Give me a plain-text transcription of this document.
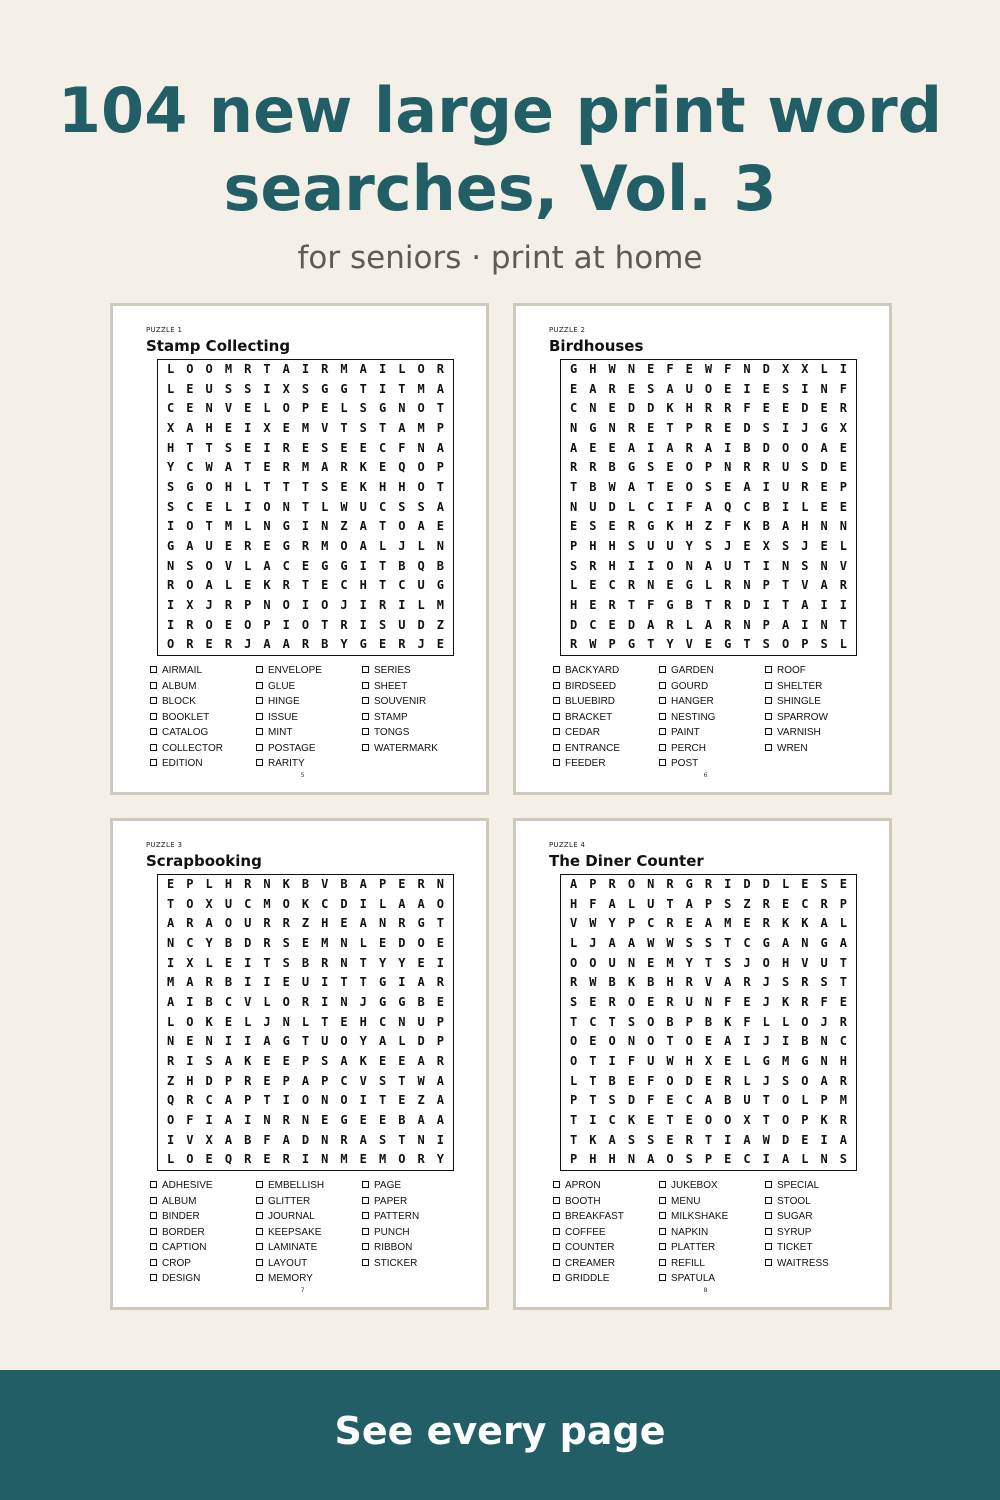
104 new large print word
searches, Vol. 3
for seniors · print at home
PUZZLE 1
Stamp Collecting
L	O	O	M	R	T	A	I	R	M	A	I	L	O	R
L	E	U	S	S	I	X	S	G	G	T	I	T	M	A
C	E	N	V	E	L	O	P	E	L	S	G	N	O	T
X	A	H	E	I	X	E	M	V	T	S	T	A	M	P
H	T	T	S	E	I	R	E	S	E	E	C	F	N	A
Y	C	W	A	T	E	R	M	A	R	K	E	Q	O	P
S	G	O	H	L	T	T	T	S	E	K	H	H	O	T
S	C	E	L	I	O	N	T	L	W	U	C	S	S	A
I	O	T	M	L	N	G	I	N	Z	A	T	O	A	E
G	A	U	E	R	E	G	R	M	O	A	L	J	L	N
N	S	O	V	L	A	C	E	G	G	I	T	B	Q	B
R	O	A	L	E	K	R	T	E	C	H	T	C	U	G
I	X	J	R	P	N	O	I	O	J	I	R	I	L	M
I	R	O	E	O	P	I	O	T	R	I	S	U	D	Z
O	R	E	R	J	A	A	R	B	Y	G	E	R	J	E
AIRMAIL
ALBUM
BLOCK
BOOKLET
CATALOG
COLLECTOR
EDITION
ENVELOPE
GLUE
HINGE
ISSUE
MINT
POSTAGE
RARITY
SERIES
SHEET
SOUVENIR
STAMP
TONGS
WATERMARK
5
PUZZLE 2
Birdhouses
G	H	W	N	E	F	E	W	F	N	D	X	X	L	I
E	A	R	E	S	A	U	O	E	I	E	S	I	N	F
C	N	E	D	D	K	H	R	R	F	E	E	D	E	R
N	G	N	R	E	T	P	R	E	D	S	I	J	G	X
A	E	E	A	I	A	R	A	I	B	D	O	O	A	E
R	R	B	G	S	E	O	P	N	R	R	U	S	D	E
T	B	W	A	T	E	O	S	E	A	I	U	R	E	P
N	U	D	L	C	I	F	A	Q	C	B	I	L	E	E
E	S	E	R	G	K	H	Z	F	K	B	A	H	N	N
P	H	H	S	U	U	Y	S	J	E	X	S	J	E	L
S	R	H	I	I	O	N	A	U	T	I	N	S	N	V
L	E	C	R	N	E	G	L	R	N	P	T	V	A	R
H	E	R	T	F	G	B	T	R	D	I	T	A	I	I
D	C	E	D	A	R	L	A	R	N	P	A	I	N	T
R	W	P	G	T	Y	V	E	G	T	S	O	P	S	L
BACKYARD
BIRDSEED
BLUEBIRD
BRACKET
CEDAR
ENTRANCE
FEEDER
GARDEN
GOURD
HANGER
NESTING
PAINT
PERCH
POST
ROOF
SHELTER
SHINGLE
SPARROW
VARNISH
WREN
6
PUZZLE 3
Scrapbooking
E	P	L	H	R	N	K	B	V	B	A	P	E	R	N
T	O	X	U	C	M	O	K	C	D	I	L	A	A	O
A	R	A	O	U	R	R	Z	H	E	A	N	R	G	T
N	C	Y	B	D	R	S	E	M	N	L	E	D	O	E
I	X	L	E	I	T	S	B	R	N	T	Y	Y	E	I
M	A	R	B	I	I	E	U	I	T	T	G	I	A	R
A	I	B	C	V	L	O	R	I	N	J	G	G	B	E
L	O	K	E	L	J	N	L	T	E	H	C	N	U	P
N	E	N	I	I	A	G	T	U	O	Y	A	L	D	P
R	I	S	A	K	E	E	P	S	A	K	E	E	A	R
Z	H	D	P	R	E	P	A	P	C	V	S	T	W	A
Q	R	C	A	P	T	I	O	N	O	I	T	E	Z	A
O	F	I	A	I	N	R	N	E	G	E	E	B	A	A
I	V	X	A	B	F	A	D	N	R	A	S	T	N	I
L	O	E	Q	R	E	R	I	N	M	E	M	O	R	Y
ADHESIVE
ALBUM
BINDER
BORDER
CAPTION
CROP
DESIGN
EMBELLISH
GLITTER
JOURNAL
KEEPSAKE
LAMINATE
LAYOUT
MEMORY
PAGE
PAPER
PATTERN
PUNCH
RIBBON
STICKER
7
PUZZLE 4
The Diner Counter
A	P	R	O	N	R	G	R	I	D	D	L	E	S	E
H	F	A	L	U	T	A	P	S	Z	R	E	C	R	P
V	W	Y	P	C	R	E	A	M	E	R	K	K	A	L
L	J	A	A	W	W	S	S	T	C	G	A	N	G	A
O	O	U	N	E	M	Y	T	S	J	O	H	V	U	T
R	W	B	K	B	H	R	V	A	R	J	S	R	S	T
S	E	R	O	E	R	U	N	F	E	J	K	R	F	E
T	C	T	S	O	B	P	B	K	F	L	L	O	J	R
O	E	O	N	O	T	O	E	A	I	J	I	B	N	C
O	T	I	F	U	W	H	X	E	L	G	M	G	N	H
L	T	B	E	F	O	D	E	R	L	J	S	O	A	R
P	T	S	D	F	E	C	A	B	U	T	O	L	P	M
T	I	C	K	E	T	E	O	O	X	T	O	P	K	R
T	K	A	S	S	E	R	T	I	A	W	D	E	I	A
P	H	H	N	A	O	S	P	E	C	I	A	L	N	S
APRON
BOOTH
BREAKFAST
COFFEE
COUNTER
CREAMER
GRIDDLE
JUKEBOX
MENU
MILKSHAKE
NAPKIN
PLATTER
REFILL
SPATULA
SPECIAL
STOOL
SUGAR
SYRUP
TICKET
WAITRESS
8
See every page
